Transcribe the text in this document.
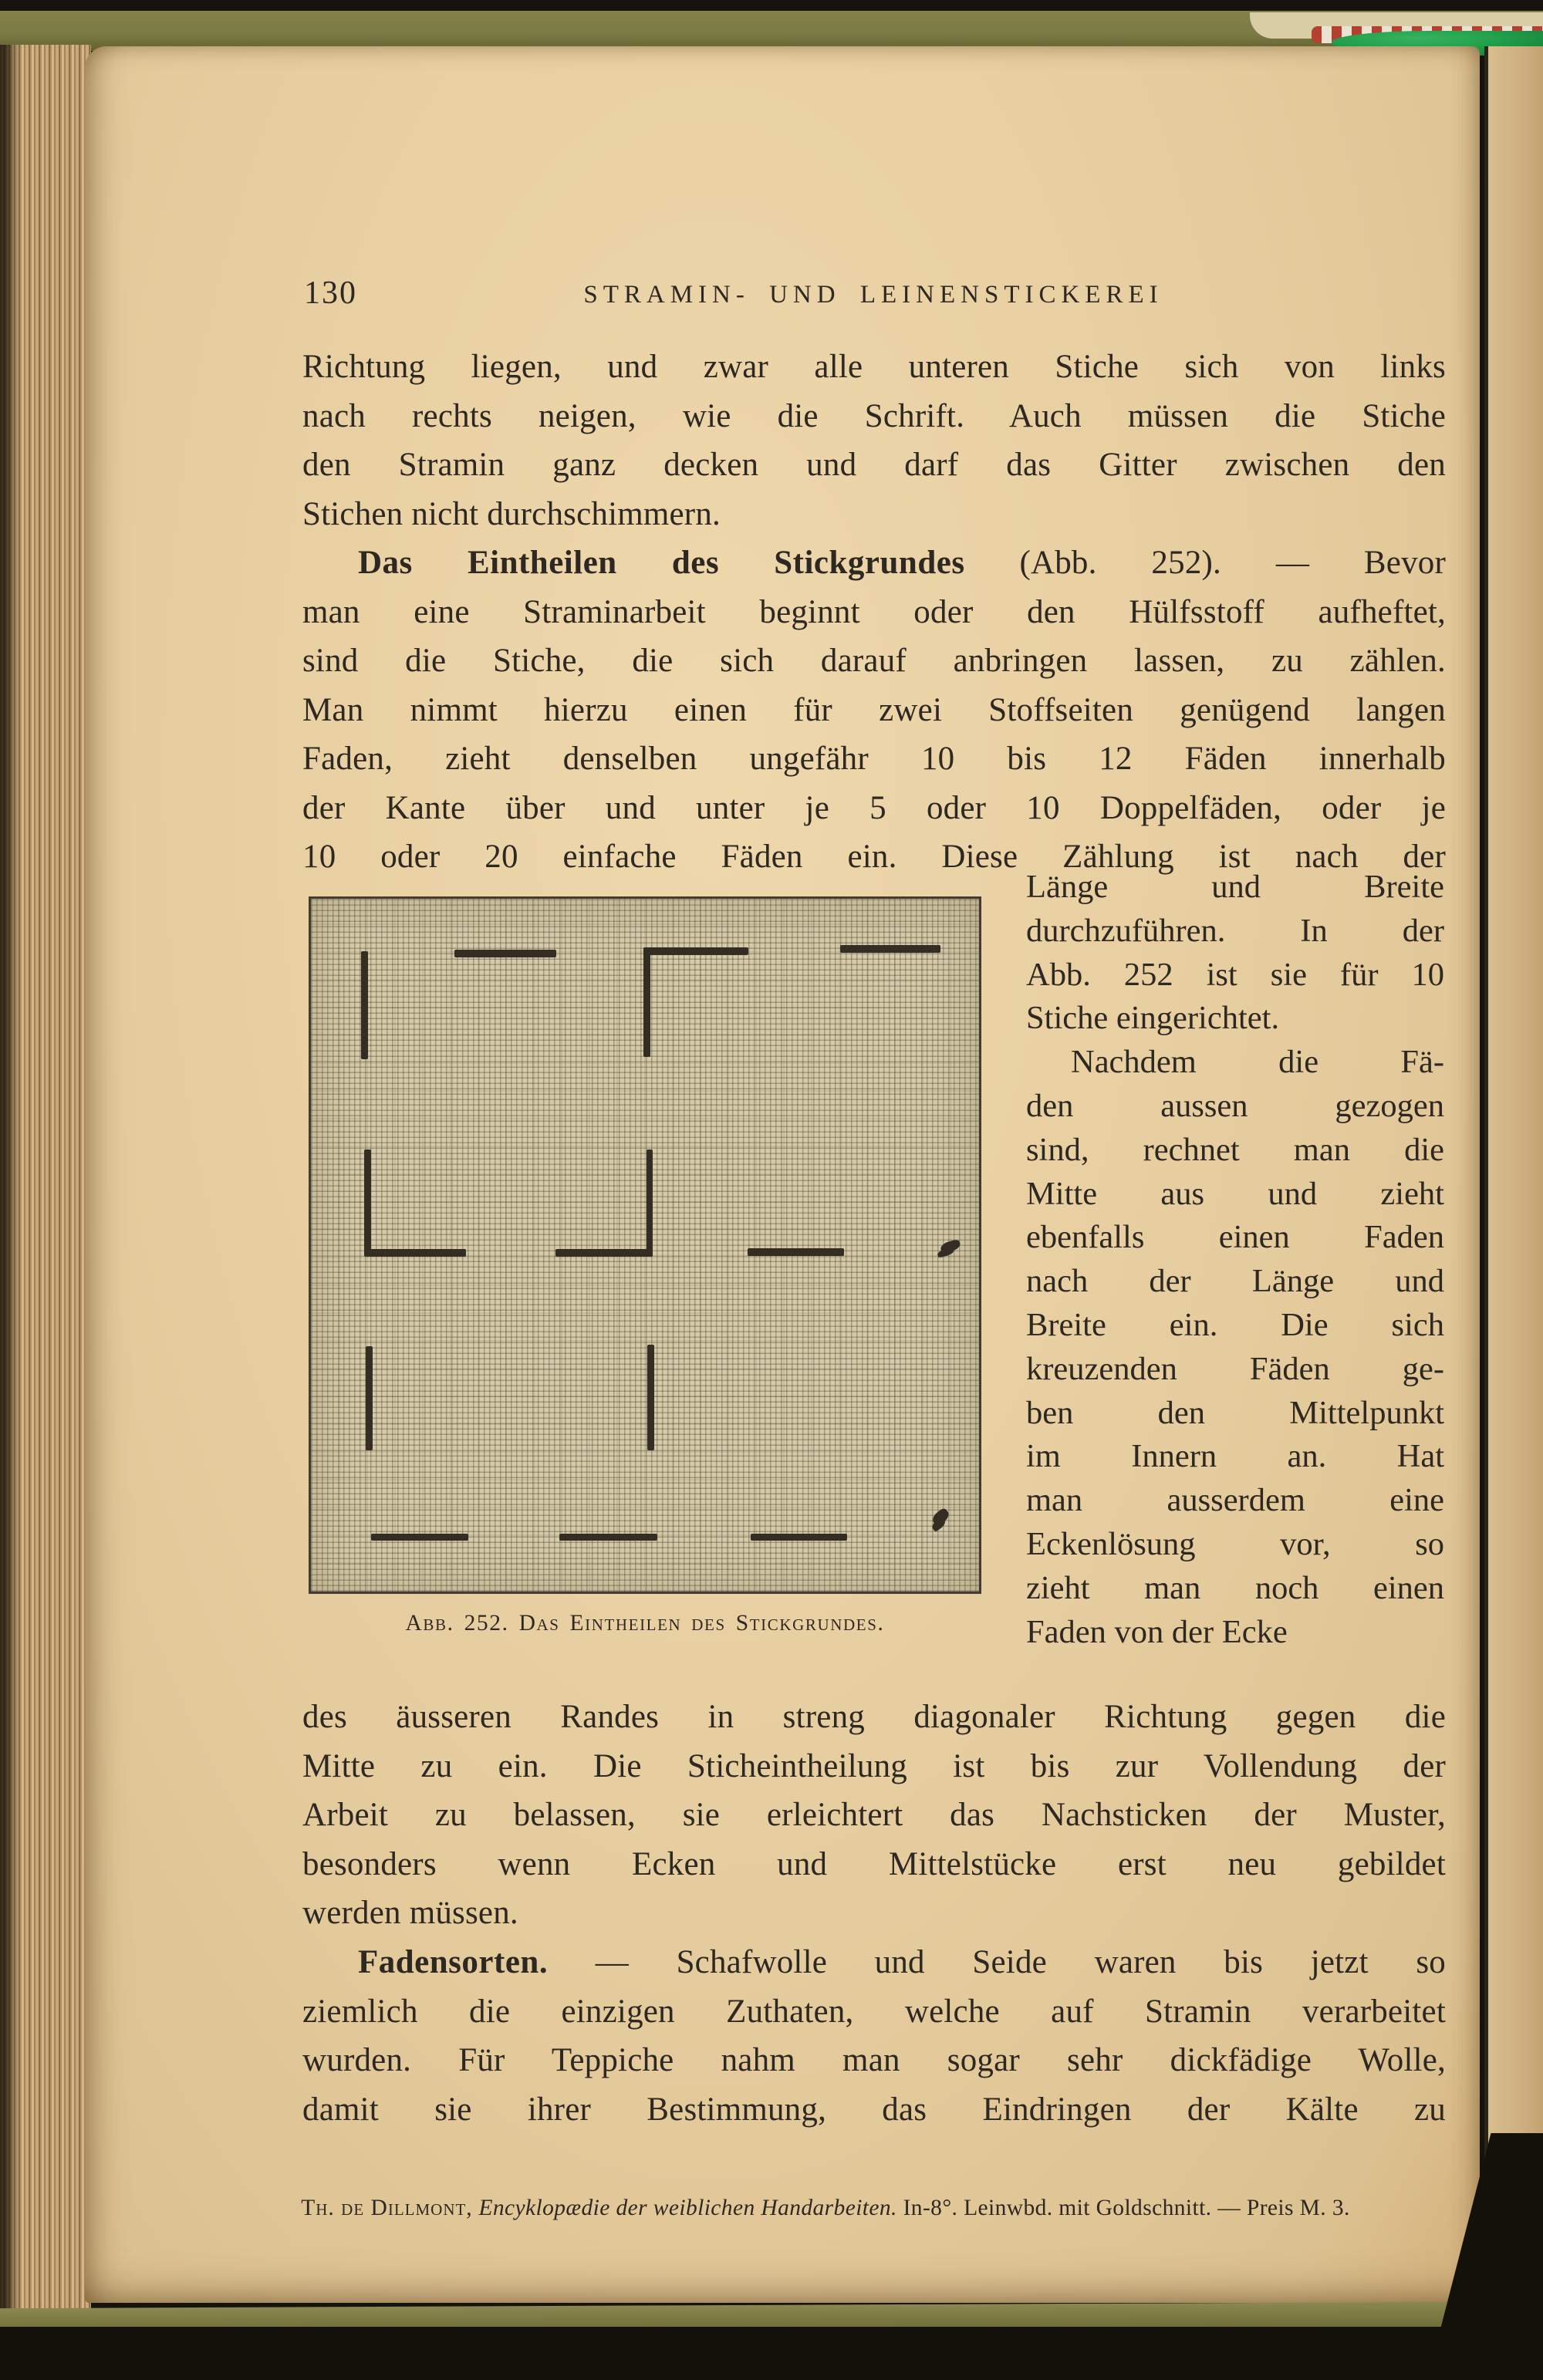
130	STRAMIN- UND LEINENSTICKEREI
Richtung liegen, und zwar alle unteren Stiche sich von links
nach rechts neigen, wie die Schrift. Auch müssen die Stiche
den Stramin ganz decken und darf das Gitter zwischen den
Stichen nicht durchschimmern.
Das Eintheilen des Stickgrundes (Abb. 252). — Bevor
man eine Straminarbeit beginnt oder den Hülfsstoff aufheftet,
sind die Stiche, die sich darauf anbringen lassen, zu zählen.
Man nimmt hierzu einen für zwei Stoffseiten genügend langen
Faden, zieht denselben ungefähr 10 bis 12 Fäden innerhalb
der Kante über und unter je 5 oder 10 Doppelfäden, oder je
10 oder 20 einfache Fäden ein. Diese Zählung ist nach der
Abb. 252. Das Eintheilen des Stickgrundes.
Länge und Breite
durchzuführen. In der
Abb. 252 ist sie für 10
Stiche eingerichtet.
Nachdem die Fä-
den aussen gezogen
sind, rechnet man die
Mitte aus und zieht
ebenfalls einen Faden
nach der Länge und
Breite ein. Die sich
kreuzenden Fäden ge-
ben den Mittelpunkt
im Innern an. Hat
man ausserdem eine
Eckenlösung vor, so
zieht man noch einen
Faden von der Ecke
des äusseren Randes in streng diagonaler Richtung gegen die
Mitte zu ein. Die Sticheintheilung ist bis zur Vollendung der
Arbeit zu belassen, sie erleichtert das Nachsticken der Muster,
besonders wenn Ecken und Mittelstücke erst neu gebildet
werden müssen.
Fadensorten. — Schafwolle und Seide waren bis jetzt so
ziemlich die einzigen Zuthaten, welche auf Stramin verarbeitet
wurden. Für Teppiche nahm man sogar sehr dickfädige Wolle,
damit sie ihrer Bestimmung, das Eindringen der Kälte zu
Th. de Dillmont, Encyklopædie der weiblichen Handarbeiten. In-8°. Leinwbd. mit Goldschnitt. — Preis M. 3.
